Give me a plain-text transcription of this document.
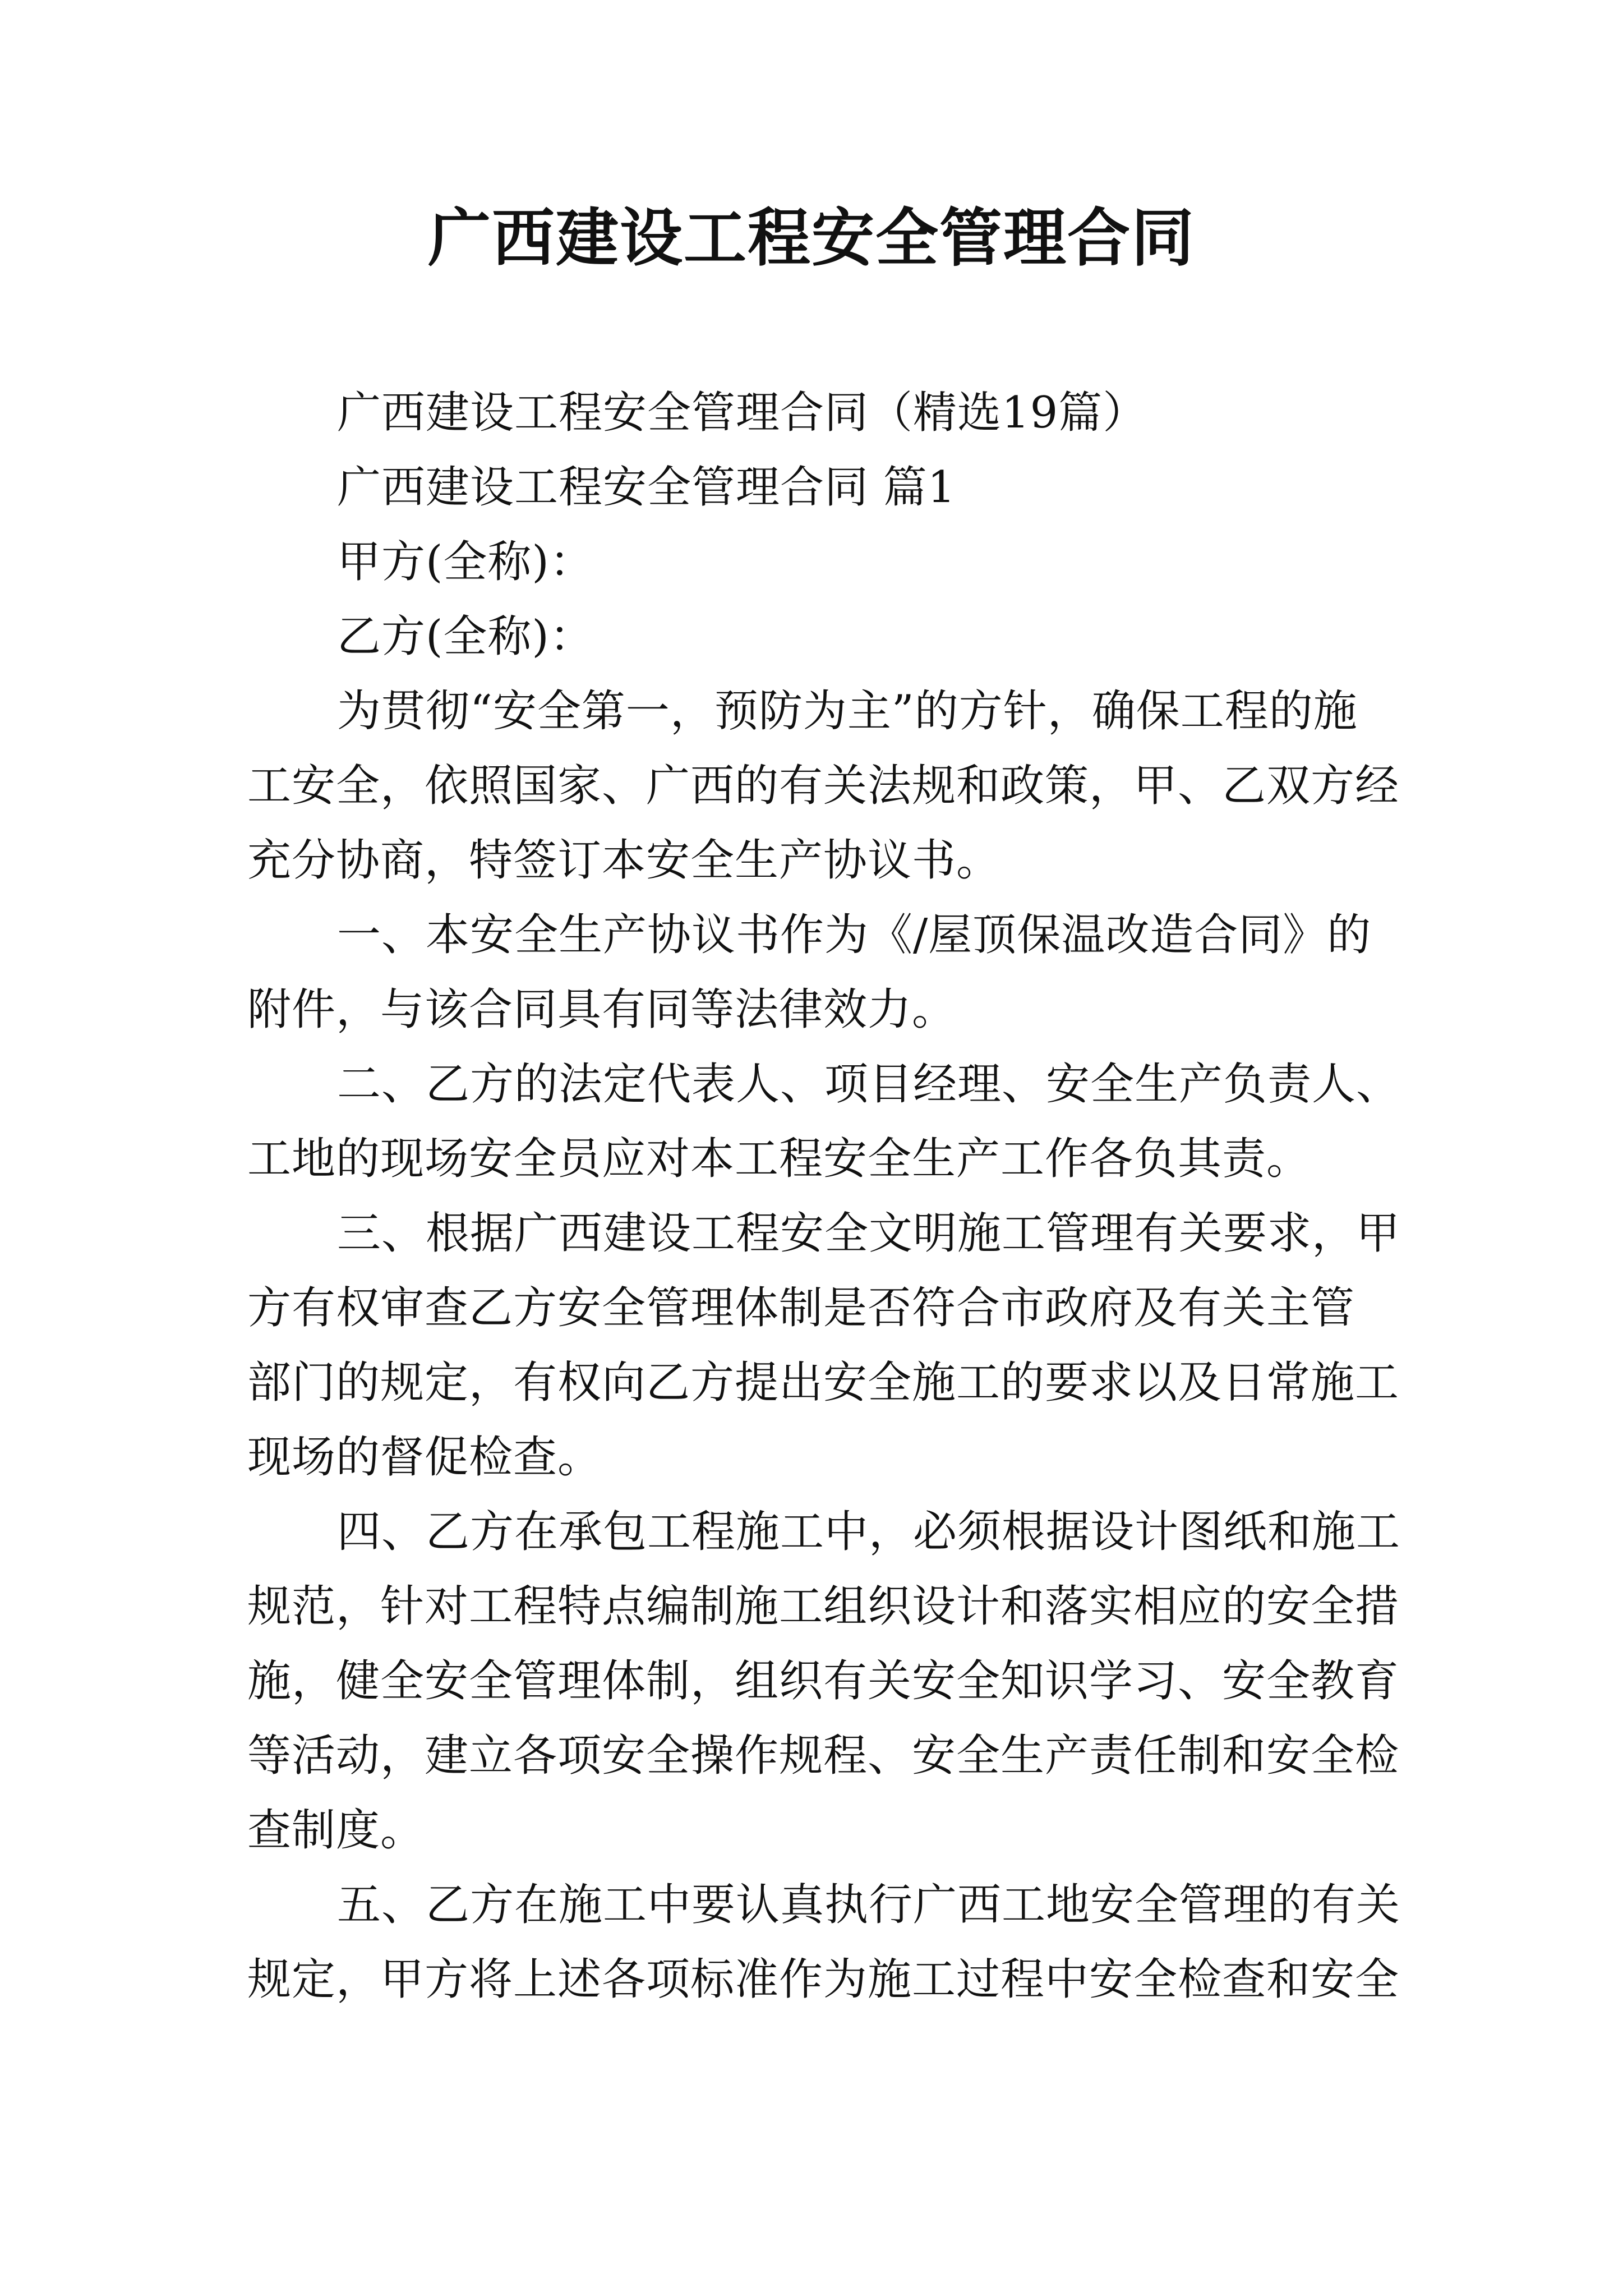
广西建设工程安全管理合同
广西建设工程安全管理合同（精选19篇）
广西建设工程安全管理合同 篇1
甲方(全称)：
乙方(全称)：
为贯彻“安全第一，预防为主”的方针，确保工程的施
工安全，依照国家、广西的有关法规和政策，甲、乙双方经
充分协商，特签订本安全生产协议书。
一、本安全生产协议书作为《/屋顶保温改造合同》的
附件，与该合同具有同等法律效力。
二、乙方的法定代表人、项目经理、安全生产负责人、
工地的现场安全员应对本工程安全生产工作各负其责。
三、根据广西建设工程安全文明施工管理有关要求，甲
方有权审查乙方安全管理体制是否符合市政府及有关主管
部门的规定，有权向乙方提出安全施工的要求以及日常施工
现场的督促检查。
四、乙方在承包工程施工中，必须根据设计图纸和施工
规范，针对工程特点编制施工组织设计和落实相应的安全措
施，健全安全管理体制，组织有关安全知识学习、安全教育
等活动，建立各项安全操作规程、安全生产责任制和安全检
查制度。
五、乙方在施工中要认真执行广西工地安全管理的有关
规定，甲方将上述各项标准作为施工过程中安全检查和安全
